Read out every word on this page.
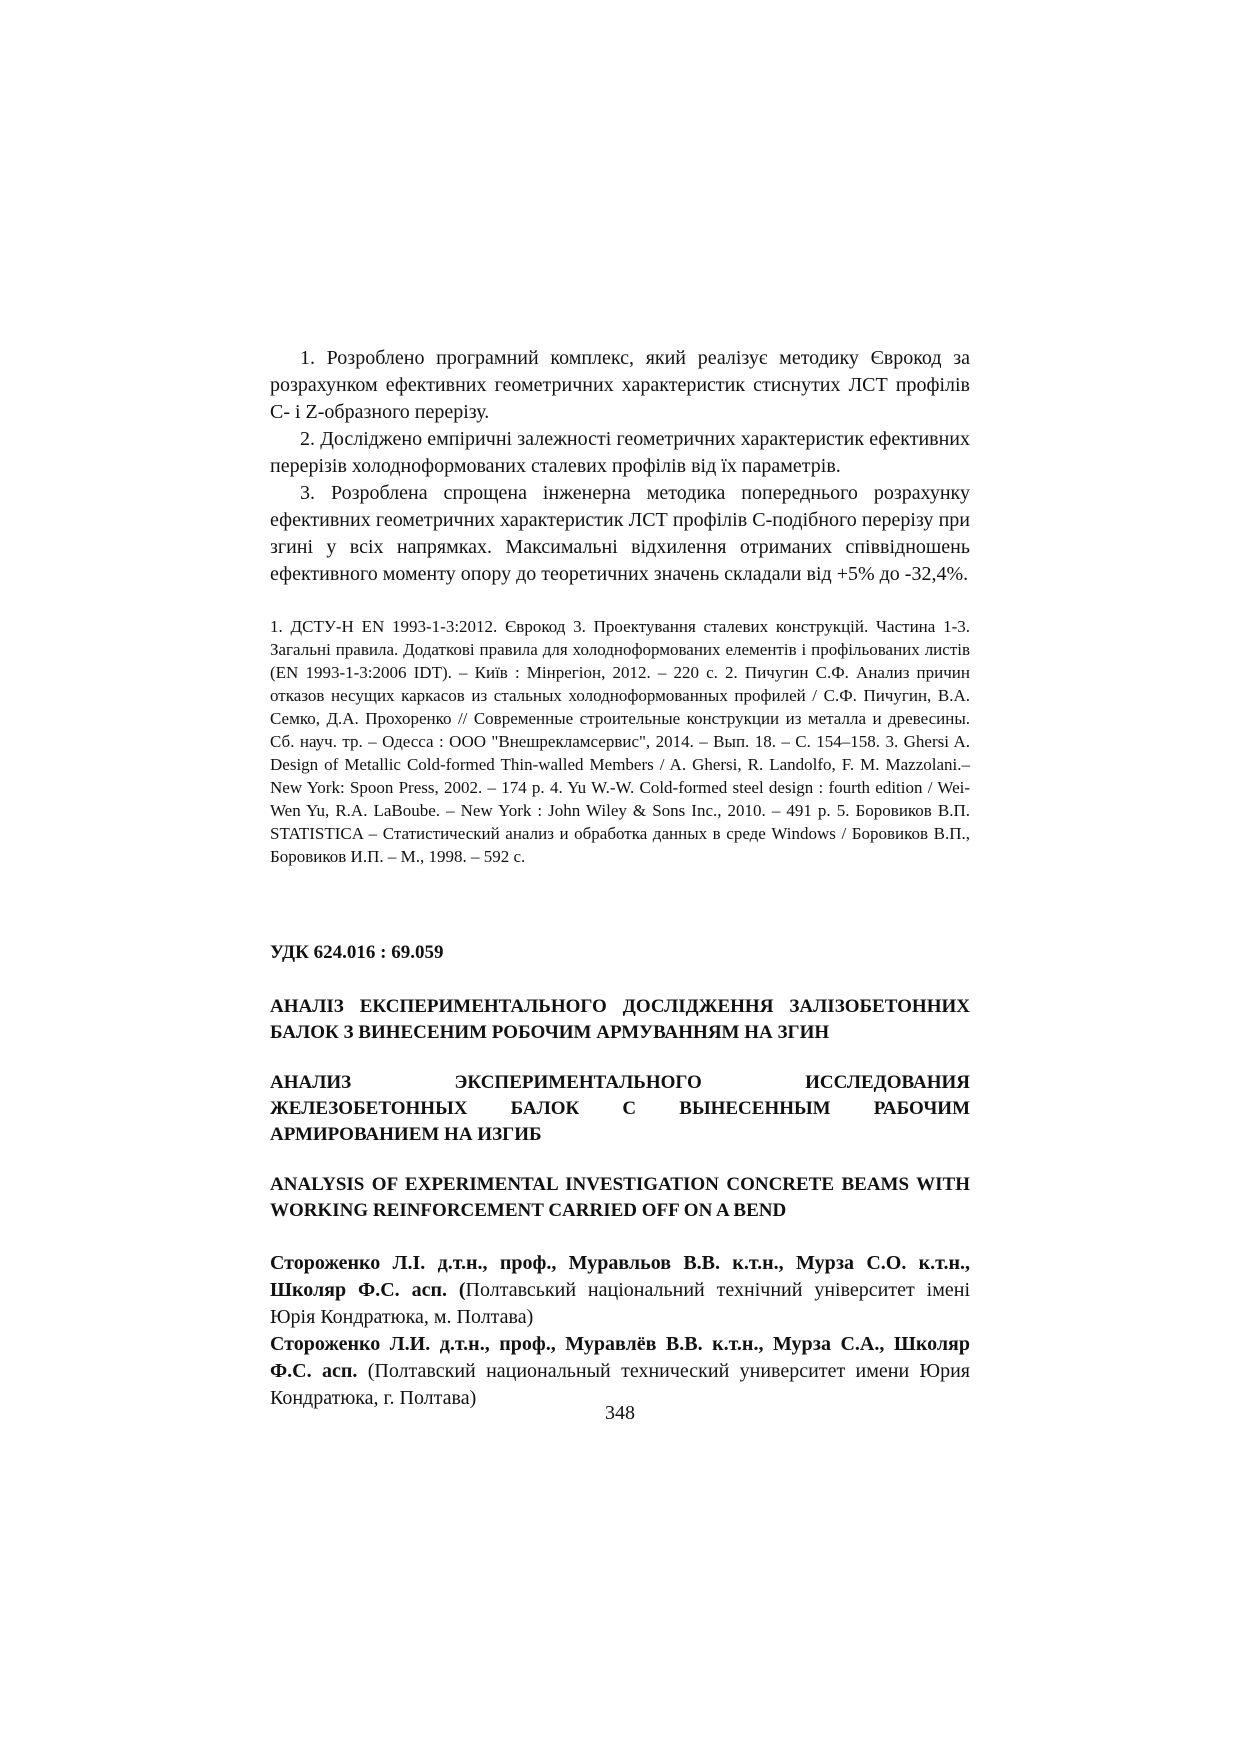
1. Розроблено програмний комплекс, який реалізує методику Єврокод за розрахунком ефективних геометричних характеристик стиснутих ЛСТ профілів С- і Z-образного перерізу.

2. Досліджено емпіричні залежності геометричних характеристик ефективних перерізів холодноформованих сталевих профілів від їх параметрів.

3. Розроблена спрощена інженерна методика попереднього розрахунку ефективних геометричних характеристик ЛСТ профілів С-подібного перерізу при згині у всіх напрямках. Максимальні відхилення отриманих співвідношень ефективного моменту опору до теоретичних значень складали від +5% до -32,4%.

1. ДСТУ-Н EN 1993-1-3:2012. Єврокод 3. Проектування сталевих конструкцій. Частина 1-3. Загальні правила. Додаткові правила для холодноформованих елементів і профільованих листів (EN 1993-1-3:2006 IDT). – Київ : Мінрегіон, 2012. – 220 с. 2. Пичугин С.Ф. Анализ причин отказов несущих каркасов из стальных холодноформованных профилей / С.Ф. Пичугин, В.А. Семко, Д.А. Прохоренко // Современные строительные конструкции из металла и древесины. Сб. науч. тр. – Одесса : ООО "Внешрекламсервис", 2014. – Вып. 18. – С. 154–158. 3. Ghersi A. Design of Metallic Cold-formed Thin-walled Members / A. Ghersi, R. Landolfo, F. M. Mazzolani.– New York: Spoon Press, 2002. – 174 p. 4. Yu W.-W. Cold-formed steel design : fourth edition / Wei-Wen Yu, R.A. LaBoube. – New York : John Wiley & Sons Inc., 2010. – 491 p. 5. Боровиков В.П. STATISTICA – Статистический анализ и обработка данных в среде Windows / Боровиков В.П., Боровиков И.П. – М., 1998. – 592 с.
УДК 624.016 : 69.059
АНАЛІЗ ЕКСПЕРИМЕНТАЛЬНОГО ДОСЛІДЖЕННЯ ЗАЛІЗОБЕТОННИХ БАЛОК З ВИНЕСЕНИМ РОБОЧИМ АРМУВАННЯМ НА ЗГИН
АНАЛИЗ ЭКСПЕРИМЕНТАЛЬНОГО ИССЛЕДОВАНИЯ ЖЕЛЕЗОБЕТОННЫХ БАЛОК С ВЫНЕСЕННЫМ РАБОЧИМ АРМИРОВАНИЕМ НА ИЗГИБ
ANALYSIS OF EXPERIMENTAL INVESTIGATION CONCRETE BEAMS WITH WORKING REINFORCEMENT CARRIED OFF ON A BEND
Стороженко Л.І. д.т.н., проф., Муравльов В.В. к.т.н., Мурза С.О. к.т.н., Школяр Ф.С. асп. (Полтавський національний технічний університет імені Юрія Кондратюка, м. Полтава)
Стороженко Л.И. д.т.н., проф., Муравлёв В.В. к.т.н., Мурза С.А., Школяр Ф.С. асп. (Полтавский национальный технический университет имени Юрия Кондратюка, г. Полтава)
348
